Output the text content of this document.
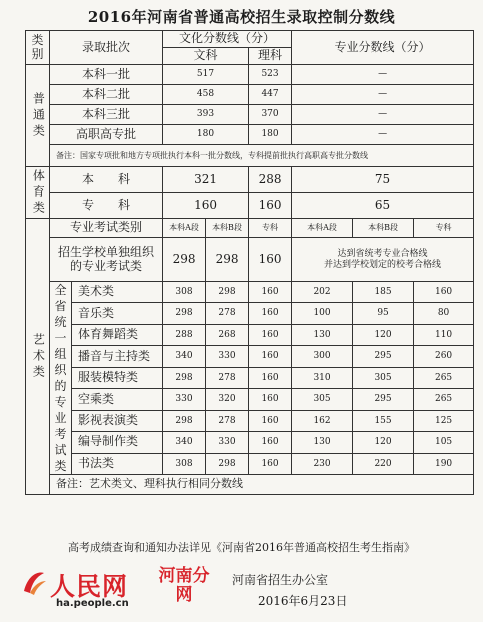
2016年河南省普通高校招生录取控制分数线
类别	录取批次		文化分数线（分）			专业分数线（分）		
			文科		理科			
普通类	本科一批		517		523	—		
	本科二批		458		447	—		
	本科三批		393		370	—		
	高职高专批		180		180	—		
	备注：国家专项批和地方专项批执行本科一批分数线，专科提前批执行高职高专批分数线							
体育类	本　　科		321		288	75		
	专　　科		160		160	65		
艺术类	专业考试类别		本科A段	本科B段	专科	本科A段	本科B段	专科
	招生学校单独组织的专业考试类		298	298	160	达到省统考专业合格线
并达到学校划定的校考合格线		

	全省统一组织的专业考试类	美术类	308	298	160	202	185	160
		音乐类	298	278	160	100	95	80
		体育舞蹈类	288	268	160	130	120	110
		播音与主持类	340	330	160	300	295	260
		服装模特类	298	278	160	310	305	265
		空乘类	330	320	160	305	295	265
		影视表演类	298	278	160	162	155	125
		编导制作类	340	330	160	130	120	105
		书法类	308	298	160	230	220	190
	备注：艺术类文、理科执行相同分数线							
高考成绩查询和通知办法详见《河南省2016年普通高校招生考生指南》
人民网
ha.people.cn
河南分网
河南省招生办公室
2016年6月23日
